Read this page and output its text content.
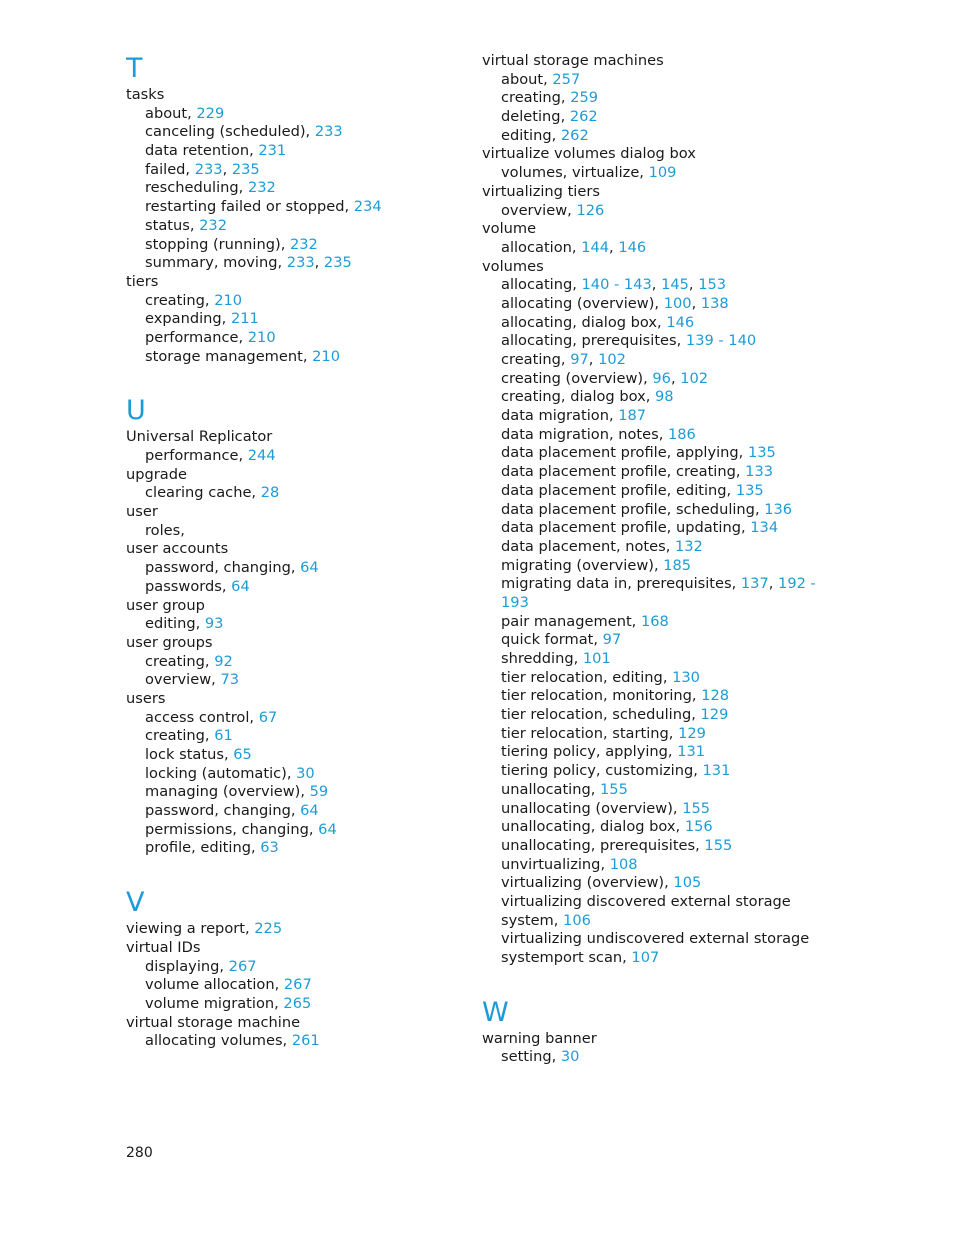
T
tasks
about, 229
canceling (scheduled), 233
data retention, 231
failed, 233, 235
rescheduling, 232
restarting failed or stopped, 234
status, 232
stopping (running), 232
summary, moving, 233, 235
tiers
creating, 210
expanding, 211
performance, 210
storage management, 210
U
Universal Replicator
performance, 244
upgrade
clearing cache, 28
user
roles,
user accounts
password, changing, 64
passwords, 64
user group
editing, 93
user groups
creating, 92
overview, 73
users
access control, 67
creating, 61
lock status, 65
locking (automatic), 30
managing (overview), 59
password, changing, 64
permissions, changing, 64
profile, editing, 63
V
viewing a report, 225
virtual IDs
displaying, 267
volume allocation, 267
volume migration, 265
virtual storage machine
allocating volumes, 261
virtual storage machines
about, 257
creating, 259
deleting, 262
editing, 262
virtualize volumes dialog box
volumes, virtualize, 109
virtualizing tiers
overview, 126
volume
allocation, 144, 146
volumes
allocating, 140 - 143, 145, 153
allocating (overview), 100, 138
allocating, dialog box, 146
allocating, prerequisites, 139 - 140
creating, 97, 102
creating (overview), 96, 102
creating, dialog box, 98
data migration, 187
data migration, notes, 186
data placement profile, applying, 135
data placement profile, creating, 133
data placement profile, editing, 135
data placement profile, scheduling, 136
data placement profile, updating, 134
data placement, notes, 132
migrating (overview), 185
migrating data in, prerequisites, 137, 192 -
193
pair management, 168
quick format, 97
shredding, 101
tier relocation, editing, 130
tier relocation, monitoring, 128
tier relocation, scheduling, 129
tier relocation, starting, 129
tiering policy, applying, 131
tiering policy, customizing, 131
unallocating, 155
unallocating (overview), 155
unallocating, dialog box, 156
unallocating, prerequisites, 155
unvirtualizing, 108
virtualizing (overview), 105
virtualizing discovered external storage
system, 106
virtualizing undiscovered external storage
systemport scan, 107
W
warning banner
setting, 30
280
